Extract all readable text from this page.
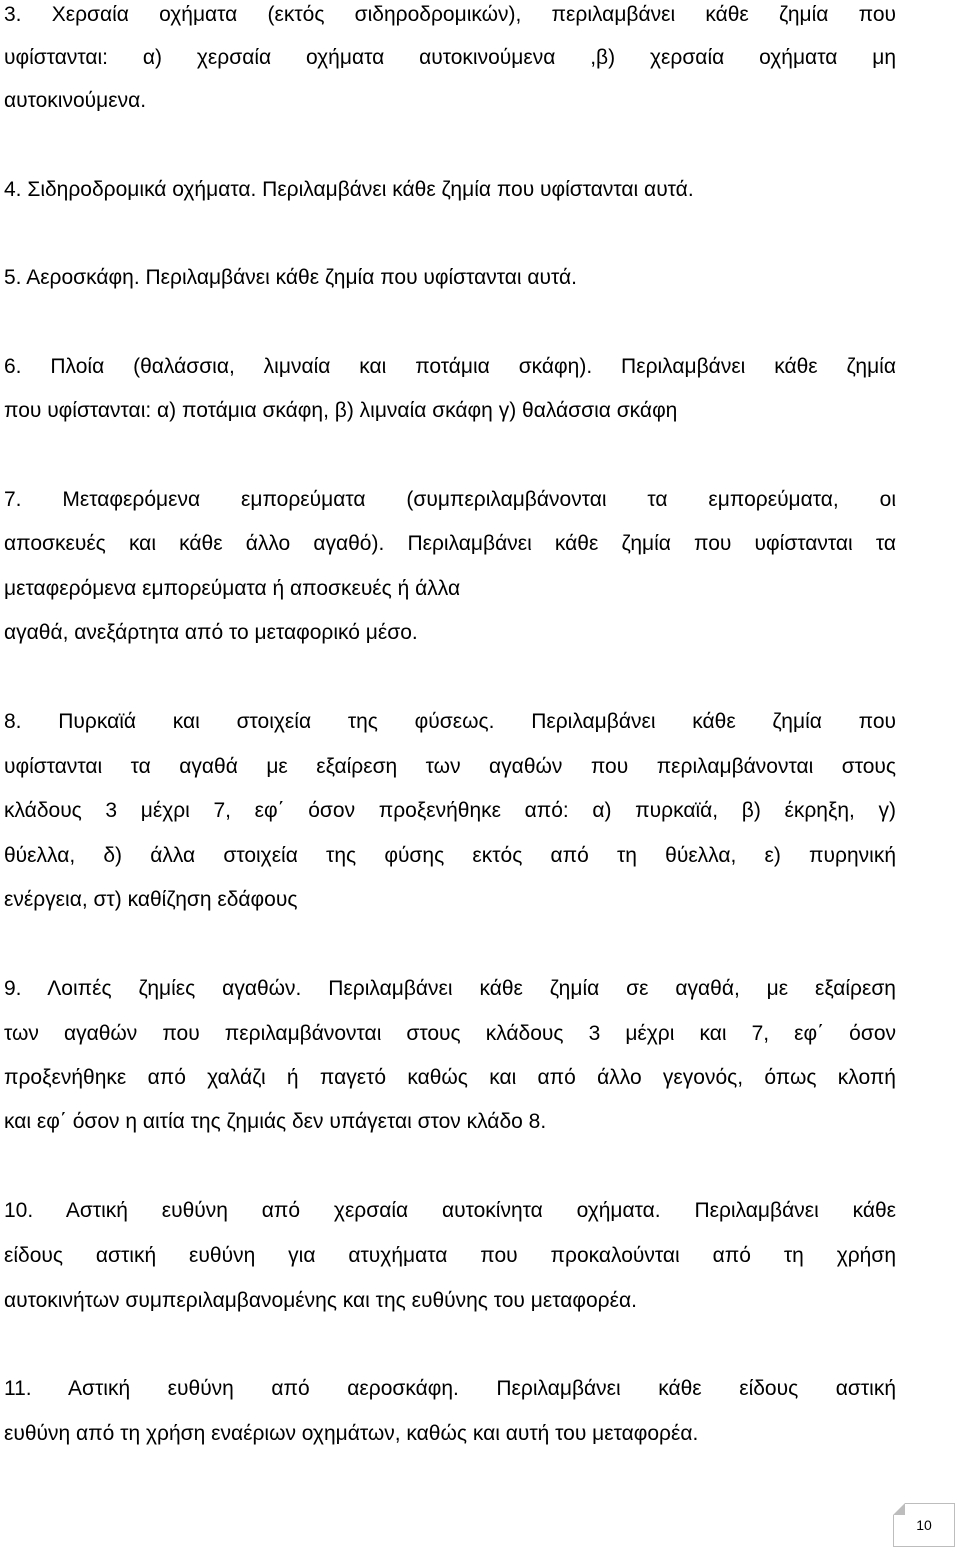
3. Χερσαία οχήματα (εκτός σιδηροδρομικών), περιλαμβάνει κάθε ζημία που
υφίστανται: α) χερσαία οχήματα αυτοκινούμενα ,β) χερσαία οχήματα μη
αυτοκινούμενα.
4. Σιδηροδρομικά οχήματα. Περιλαμβάνει κάθε ζημία που υφίστανται αυτά.
5. Αεροσκάφη. Περιλαμβάνει κάθε ζημία που υφίστανται αυτά.
6. Πλοία (θαλάσσια, λιμναία και ποτάμια σκάφη). Περιλαμβάνει κάθε ζημία
που υφίστανται: α) ποτάμια σκάφη, β) λιμναία σκάφη γ) θαλάσσια σκάφη
7. Μεταφερόμενα εμπορεύματα (συμπεριλαμβάνονται τα εμπορεύματα, οι
αποσκευές και κάθε άλλο αγαθό). Περιλαμβάνει κάθε ζημία που υφίστανται τα
μεταφερόμενα εμπορεύματα ή αποσκευές ή άλλα
αγαθά, ανεξάρτητα από το μεταφορικό μέσο.
8. Πυρκαϊά και στοιχεία της φύσεως. Περιλαμβάνει κάθε ζημία που
υφίστανται τα αγαθά με εξαίρεση των αγαθών που περιλαμβάνονται στους
κλάδους 3 μέχρι 7, εφ΄ όσον προξενήθηκε από: α) πυρκαϊά, β) έκρηξη, γ)
θύελλα, δ) άλλα στοιχεία της φύσης εκτός από τη θύελλα, ε) πυρηνική
ενέργεια, στ) καθίζηση εδάφους
9. Λοιπές ζημίες αγαθών. Περιλαμβάνει κάθε ζημία σε αγαθά, με εξαίρεση
των αγαθών που περιλαμβάνονται στους κλάδους 3 μέχρι και 7, εφ΄ όσον
προξενήθηκε από χαλάζι ή παγετό καθώς και από άλλο γεγονός, όπως κλοπή
και εφ΄ όσον η αιτία της ζημιάς δεν υπάγεται στον κλάδο 8.
10. Αστική ευθύνη από χερσαία αυτοκίνητα οχήματα. Περιλαμβάνει κάθε
είδους αστική ευθύνη για ατυχήματα που προκαλούνται από τη χρήση
αυτοκινήτων συμπεριλαμβανομένης και της ευθύνης του μεταφορέα.
11. Αστική ευθύνη από αεροσκάφη. Περιλαμβάνει κάθε είδους αστική
ευθύνη από τη χρήση εναέριων οχημάτων, καθώς και αυτή του μεταφορέα.
10
